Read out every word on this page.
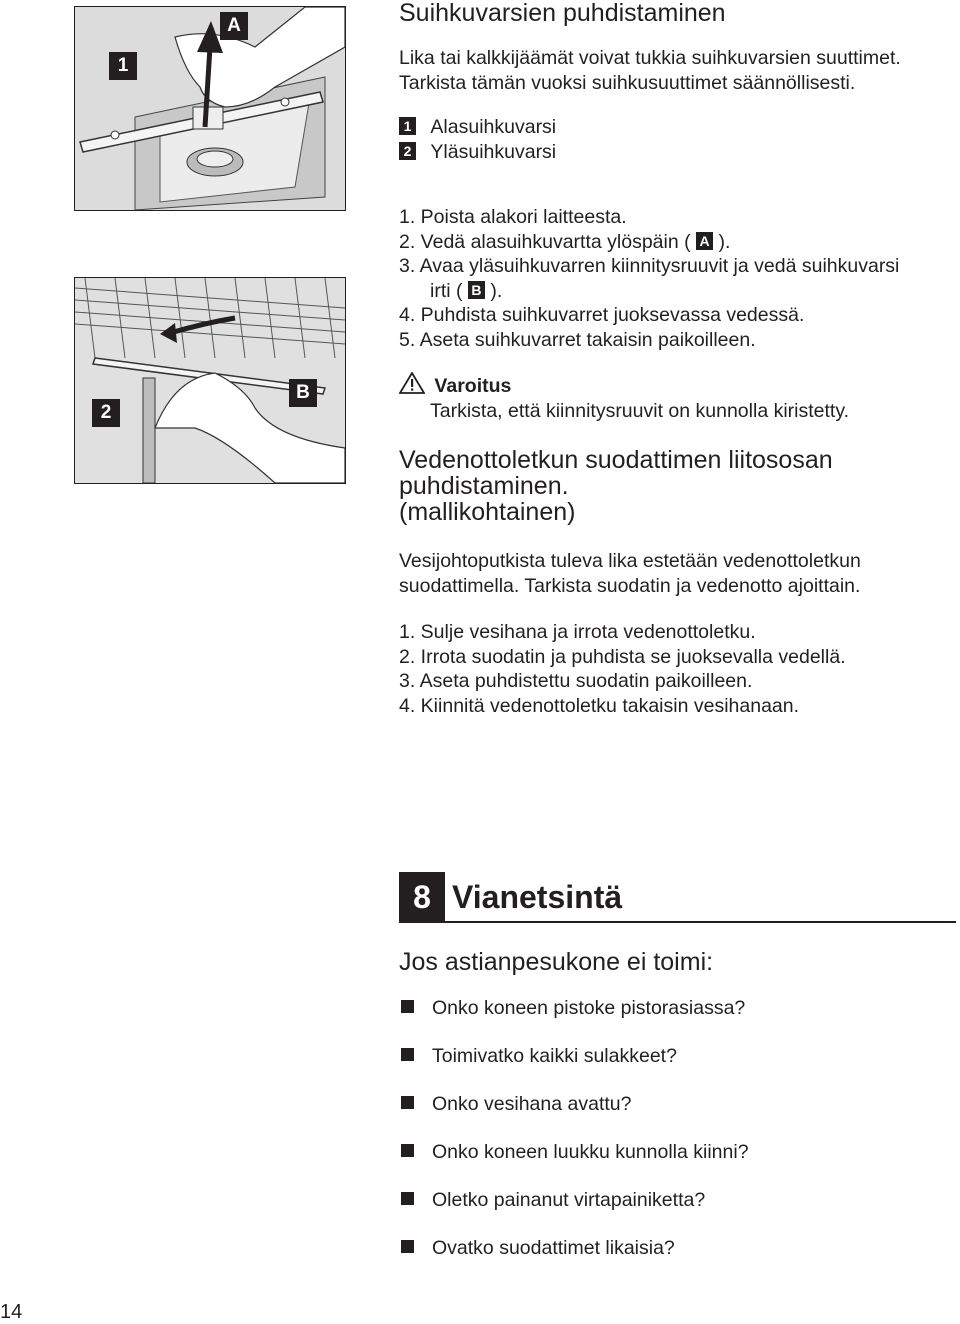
1
A
2
B
Suihkuvarsien puhdistaminen
Lika tai kalkkijäämät voivat tukkia suihkuvarsien suuttimet.
Tarkista tämän vuoksi suihkusuuttimet säännöllisesti.
1 Alasuihkuvarsi
2 Yläsuihkuvarsi
1. Poista alakori laitteesta.
2. Vedä alasuihkuvartta ylöspäin ( A ).
3. Avaa yläsuihkuvarren kiinnitysruuvit ja vedä suihkuvarsi
irti ( B ).
4. Puhdista suihkuvarret juoksevassa vedessä.
5. Aseta suihkuvarret takaisin paikoilleen.
Varoitus
Tarkista, että kiinnitysruuvit on kunnolla kiristetty.
Vedenottoletkun suodattimen liitososan
puhdistaminen.
(mallikohtainen)
Vesijohtoputkista tuleva lika estetään vedenottoletkun
suodattimella. Tarkista suodatin ja vedenotto ajoittain.
1. Sulje vesihana ja irrota vedenottoletku.
2. Irrota suodatin ja puhdista se juoksevalla vedellä.
3. Aseta puhdistettu suodatin paikoilleen.
4. Kiinnitä vedenottoletku takaisin vesihanaan.
8 Vianetsintä
Jos astianpesukone ei toimi:
Onko koneen pistoke pistorasiassa?
Toimivatko kaikki sulakkeet?
Onko vesihana avattu?
Onko koneen luukku kunnolla kiinni?
Oletko painanut virtapainiketta?
Ovatko suodattimet likaisia?
14
